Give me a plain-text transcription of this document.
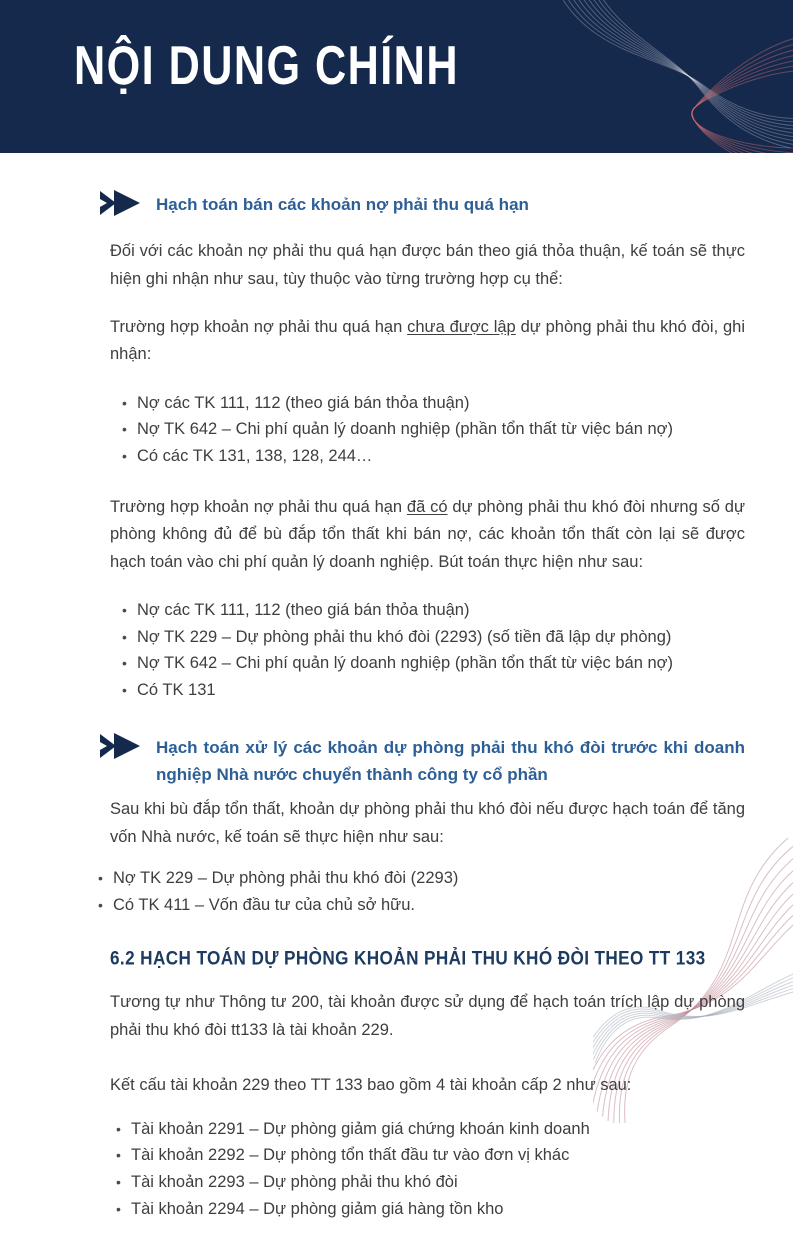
NỘI DUNG CHÍNH
Hạch toán bán các khoản nợ phải thu quá hạn

Đối với các khoản nợ phải thu quá hạn được bán theo giá thỏa thuận, kế toán sẽ thực hiện ghi nhận như sau, tùy thuộc vào từng trường hợp cụ thể:

Trường hợp khoản nợ phải thu quá hạn chưa được lập dự phòng phải thu khó đòi, ghi nhận:

• Nợ các TK 111, 112 (theo giá bán thỏa thuận)
• Nợ TK 642 – Chi phí quản lý doanh nghiệp (phần tổn thất từ việc bán nợ)
• Có các TK 131, 138, 128, 244…

Trường hợp khoản nợ phải thu quá hạn đã có dự phòng phải thu khó đòi nhưng số dự phòng không đủ để bù đắp tổn thất khi bán nợ, các khoản tổn thất còn lại sẽ được hạch toán vào chi phí quản lý doanh nghiệp. Bút toán thực hiện như sau:

• Nợ các TK 111, 112 (theo giá bán thỏa thuận)
• Nợ TK 229 – Dự phòng phải thu khó đòi (2293) (số tiền đã lập dự phòng)
• Nợ TK 642 – Chi phí quản lý doanh nghiệp (phần tổn thất từ việc bán nợ)
• Có TK 131
Hạch toán xử lý các khoản dự phòng phải thu khó đòi trước khi doanh nghiệp Nhà nước chuyển thành công ty cổ phần

Sau khi bù đắp tổn thất, khoản dự phòng phải thu khó đòi nếu được hạch toán để tăng vốn Nhà nước, kế toán sẽ thực hiện như sau:

• Nợ TK 229 – Dự phòng phải thu khó đòi (2293)
• Có TK 411 – Vốn đầu tư của chủ sở hữu.
6.2 HẠCH TOÁN DỰ PHÒNG KHOẢN PHẢI THU KHÓ ĐÒI THEO TT 133

Tương tự như Thông tư 200, tài khoản được sử dụng để hạch toán trích lập dự phòng phải thu khó đòi tt133 là tài khoản 229.

Kết cấu tài khoản 229 theo TT 133 bao gồm 4 tài khoản cấp 2 như sau:

• Tài khoản 2291 – Dự phòng giảm giá chứng khoán kinh doanh
• Tài khoản 2292 – Dự phòng tổn thất đầu tư vào đơn vị khác
• Tài khoản 2293 – Dự phòng phải thu khó đòi
• Tài khoản 2294 – Dự phòng giảm giá hàng tồn kho
